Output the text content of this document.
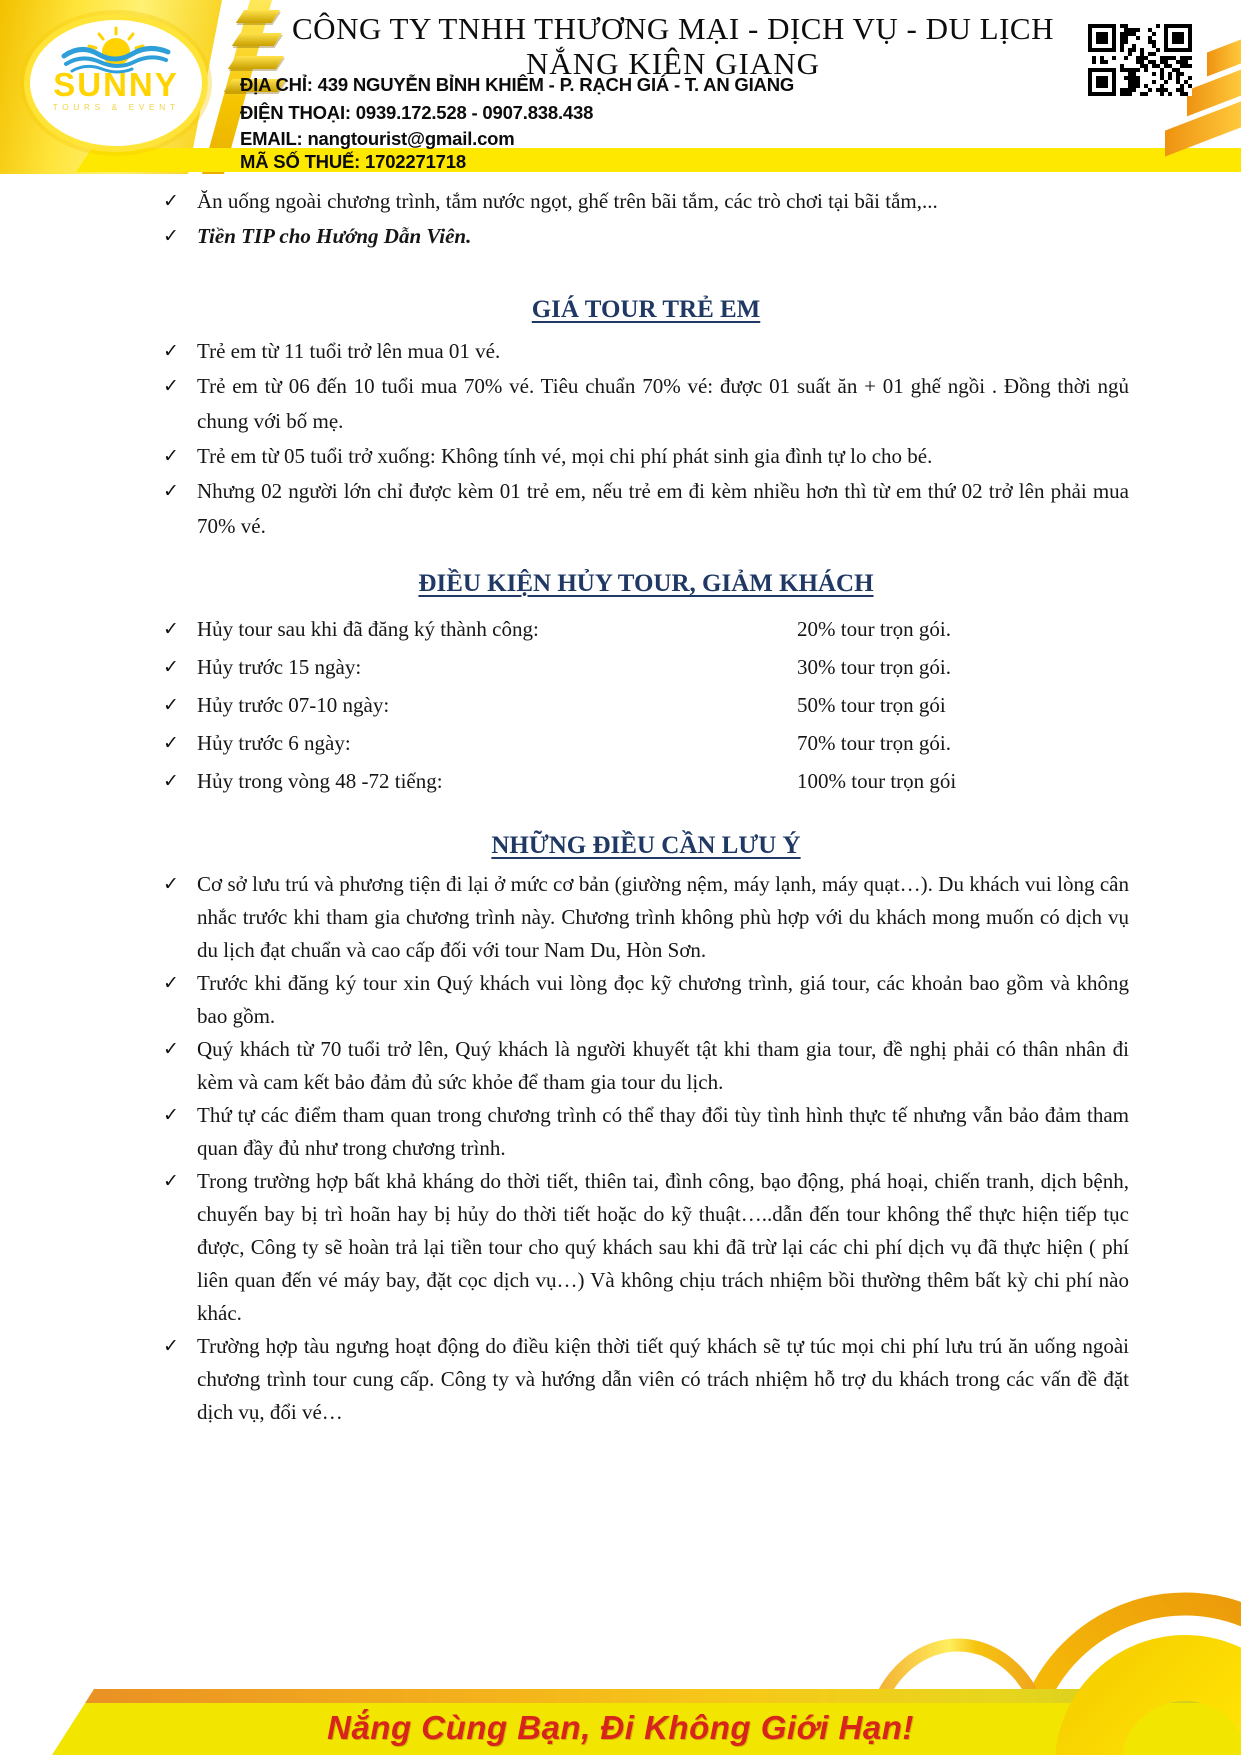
SUNNY
TOURS & EVENT
CÔNG TY TNHH THƯƠNG MẠI - DỊCH VỤ - DU LỊCH
NẮNG KIÊN GIANG
ĐỊA CHỈ: 439 NGUYỄN BỈNH KHIÊM - P. RẠCH GIÁ - T. AN GIANG
ĐIỆN THOẠI: 0939.172.528 - 0907.838.438
EMAIL: nangtourist@gmail.com
MÃ SỐ THUẾ: 1702271718
✓ Ăn uống ngoài chương trình, tắm nước ngọt, ghế trên bãi tắm, các trò chơi tại bãi tắm,...
✓ Tiền TIP cho Hướng Dẫn Viên.
GIÁ TOUR TRẺ EM
✓ Trẻ em từ 11 tuổi trở lên mua 01 vé.
✓ Trẻ em từ 06 đến 10 tuổi mua 70% vé. Tiêu chuẩn 70% vé: được 01 suất ăn + 01 ghế ngồi . Đồng thời ngủ chung với bố mẹ.
✓ Trẻ em từ 05 tuổi trở xuống: Không tính vé, mọi chi phí phát sinh gia đình tự lo cho bé.
✓ Nhưng 02 người lớn chỉ được kèm 01 trẻ em, nếu trẻ em đi kèm nhiều hơn thì từ em thứ 02 trở lên phải mua 70% vé.
ĐIỀU KIỆN HỦY TOUR, GIẢM KHÁCH
✓ Hủy tour sau khi đã đăng ký thành công:	20% tour trọn gói.
✓ Hủy trước 15 ngày:	30% tour trọn gói.
✓ Hủy trước 07-10 ngày:	50% tour trọn gói
✓ Hủy trước 6 ngày:	70% tour trọn gói.
✓ Hủy trong vòng 48 -72 tiếng:	100% tour trọn gói
NHỮNG ĐIỀU CẦN LƯU Ý
✓ Cơ sở lưu trú và phương tiện đi lại ở mức cơ bản (giường nệm, máy lạnh, máy quạt…). Du khách vui lòng cân nhắc trước khi tham gia chương trình này. Chương trình không phù hợp với du khách mong muốn có dịch vụ du lịch đạt chuẩn và cao cấp đối với tour Nam Du, Hòn Sơn.
✓ Trước khi đăng ký tour xin Quý khách vui lòng đọc kỹ chương trình, giá tour, các khoản bao gồm và không bao gồm.
✓ Quý khách từ 70 tuổi trở lên, Quý khách là người khuyết tật khi tham gia tour, đề nghị phải có thân nhân đi kèm và cam kết bảo đảm đủ sức khỏe để tham gia tour du lịch.
✓ Thứ tự các điểm tham quan trong chương trình có thể thay đổi tùy tình hình thực tế nhưng vẫn bảo đảm tham quan đầy đủ như trong chương trình.
✓ Trong trường hợp bất khả kháng do thời tiết, thiên tai, đình công, bạo động, phá hoại, chiến tranh, dịch bệnh, chuyến bay bị trì hoãn hay bị hủy do thời tiết hoặc do kỹ thuật…..dẫn đến tour không thể thực hiện tiếp tục được, Công ty sẽ hoàn trả lại tiền tour cho quý khách sau khi đã trừ lại các chi phí dịch vụ đã thực hiện ( phí liên quan đến vé máy bay, đặt cọc dịch vụ…) Và không chịu trách nhiệm bồi thường thêm bất kỳ chi phí nào khác.
✓ Trường hợp tàu ngưng hoạt động do điều kiện thời tiết quý khách sẽ tự túc mọi chi phí lưu trú ăn uống ngoài chương trình tour cung cấp. Công ty và hướng dẫn viên có trách nhiệm hỗ trợ du khách trong các vấn đề đặt dịch vụ, đổi vé…
Nắng Cùng Bạn, Đi Không Giới Hạn!
